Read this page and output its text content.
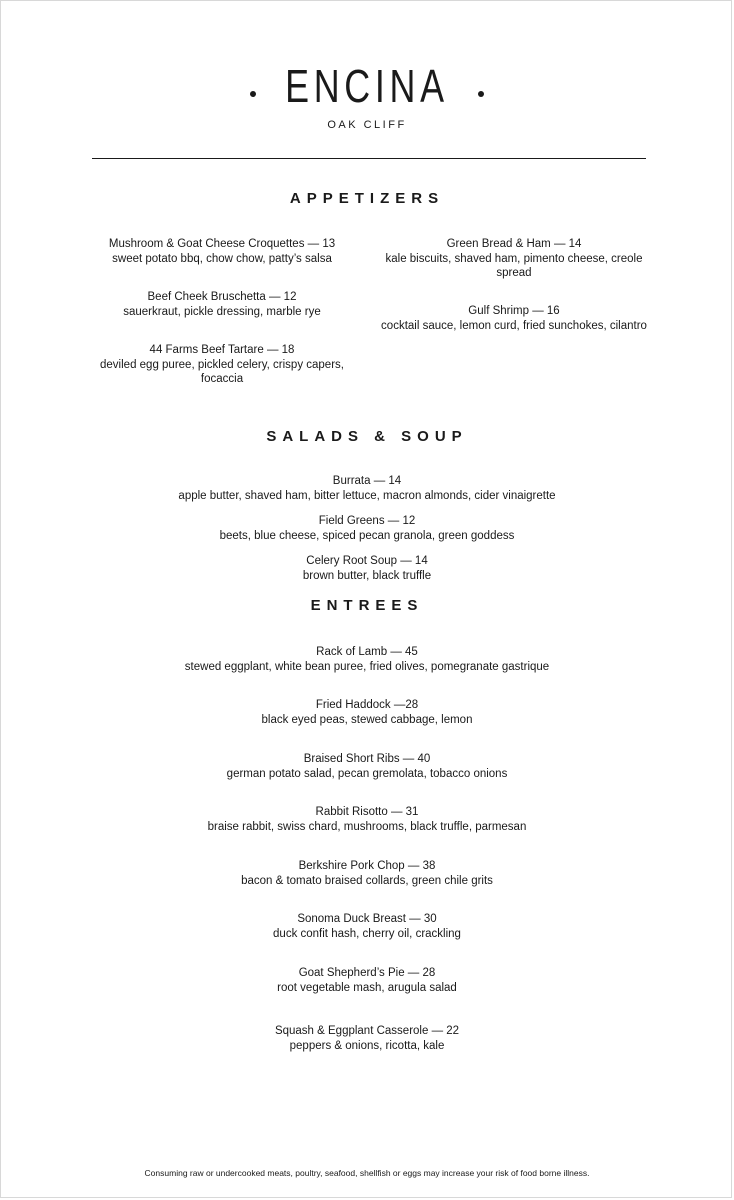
ENCINA
OAK CLIFF
APPETIZERS
Mushroom & Goat Cheese Croquettes — 13
sweet potato bbq, chow chow, patty’s salsa
Beef Cheek Bruschetta — 12
sauerkraut, pickle dressing, marble rye
44 Farms Beef Tartare — 18
deviled egg puree, pickled celery, crispy capers, focaccia
Green Bread & Ham — 14
kale biscuits, shaved ham, pimento cheese, creole spread
Gulf Shrimp — 16
cocktail sauce, lemon curd, fried sunchokes, cilantro
SALADS & SOUP
Burrata — 14
apple butter, shaved ham, bitter lettuce, macron almonds, cider vinaigrette
Field Greens — 12
beets, blue cheese, spiced pecan granola, green goddess
Celery Root Soup — 14
brown butter, black truffle
ENTREES
Rack of Lamb — 45
stewed eggplant, white bean puree, fried olives, pomegranate gastrique
Fried Haddock —28
black eyed peas, stewed cabbage, lemon
Braised Short Ribs — 40
german potato salad, pecan gremolata, tobacco onions
Rabbit Risotto — 31
braise rabbit, swiss chard, mushrooms, black truffle, parmesan
Berkshire Pork Chop — 38
bacon & tomato braised collards, green chile grits
Sonoma Duck Breast — 30
duck confit hash, cherry oil, crackling
Goat Shepherd’s Pie — 28
root vegetable mash, arugula salad
Squash & Eggplant Casserole — 22
peppers & onions, ricotta, kale
Consuming raw or undercooked meats, poultry, seafood, shellfish or eggs may increase your risk of food borne illness.
